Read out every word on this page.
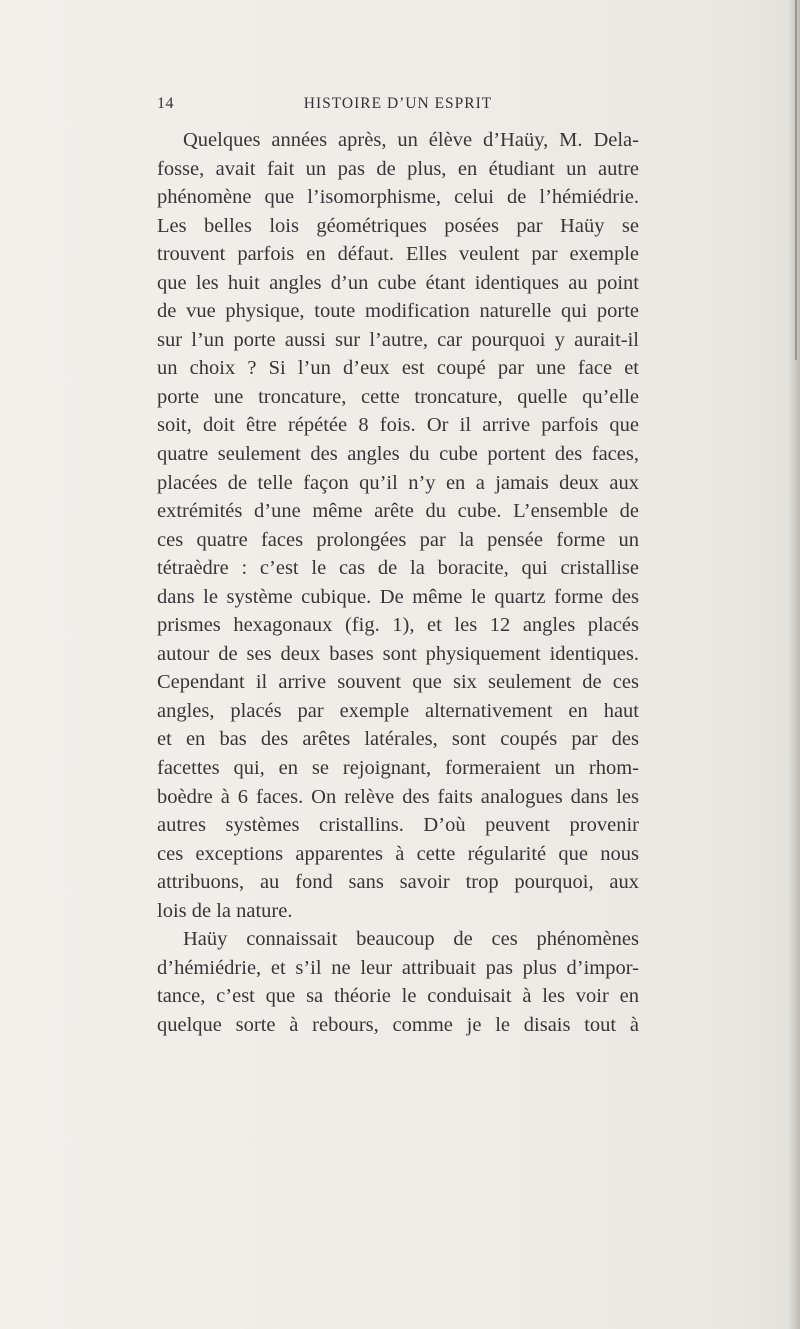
14	HISTOIRE D’UN ESPRIT
Quelques années après, un élève d’Haüy, M. Dela-
fosse, avait fait un pas de plus, en étudiant un autre
phénomène que l’isomorphisme, celui de l’hémiédrie.
Les belles lois géométriques posées par Haüy se
trouvent parfois en défaut. Elles veulent par exemple
que les huit angles d’un cube étant identiques au point
de vue physique, toute modification naturelle qui porte
sur l’un porte aussi sur l’autre, car pourquoi y aurait-il
un choix ? Si l’un d’eux est coupé par une face et
porte une troncature, cette troncature, quelle qu’elle
soit, doit être répétée 8 fois. Or il arrive parfois que
quatre seulement des angles du cube portent des faces,
placées de telle façon qu’il n’y en a jamais deux aux
extrémités d’une même arête du cube. L’ensemble de
ces quatre faces prolongées par la pensée forme un
tétraèdre : c’est le cas de la boracite, qui cristallise
dans le système cubique. De même le quartz forme des
prismes hexagonaux (fig. 1), et les 12 angles placés
autour de ses deux bases sont physiquement identiques.
Cependant il arrive souvent que six seulement de ces
angles, placés par exemple alternativement en haut
et en bas des arêtes latérales, sont coupés par des
facettes qui, en se rejoignant, formeraient un rhom-
boèdre à 6 faces. On relève des faits analogues dans les
autres systèmes cristallins. D’où peuvent provenir
ces exceptions apparentes à cette régularité que nous
attribuons, au fond sans savoir trop pourquoi, aux
lois de la nature.
Haüy connaissait beaucoup de ces phénomènes
d’hémiédrie, et s’il ne leur attribuait pas plus d’impor-
tance, c’est que sa théorie le conduisait à les voir en
quelque sorte à rebours, comme je le disais tout à
